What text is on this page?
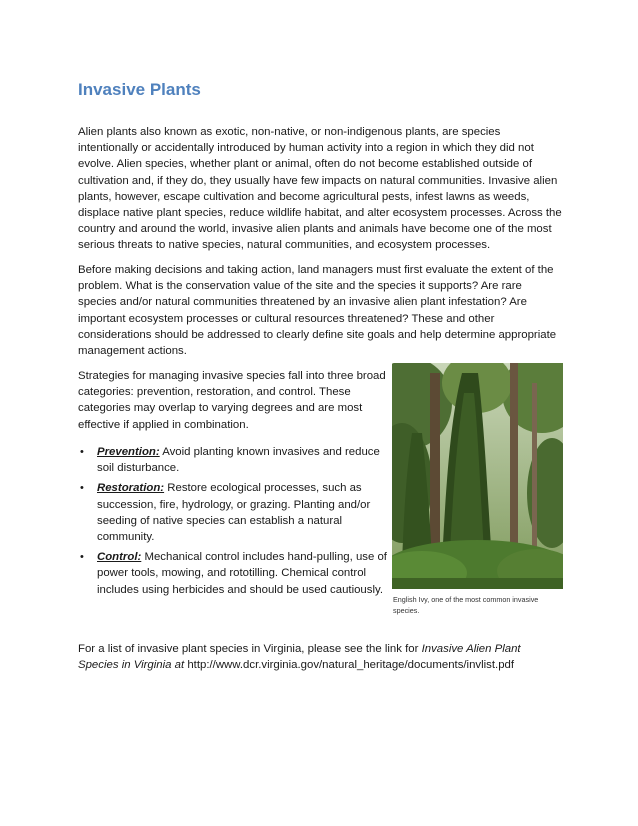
Invasive Plants

Alien plants also known as exotic, non-native, or non-indigenous plants, are species intentionally or accidentally introduced by human activity into a region in which they did not evolve. Alien species, whether plant or animal, often do not become established outside of cultivation and, if they do, they usually have few impacts on natural communities. Invasive alien plants, however, escape cultivation and become agricultural pests, infest lawns as weeds, displace native plant species, reduce wildlife habitat, and alter ecosystem processes. Across the country and around the world, invasive alien plants and animals have become one of the most serious threats to native species, natural communities, and ecosystem processes.

Before making decisions and taking action, land managers must first evaluate the extent of the problem. What is the conservation value of the site and the species it supports? Are rare species and/or natural communities threatened by an invasive alien plant infestation? Are important ecosystem processes or cultural resources threatened? These and other considerations should be addressed to clearly define site goals and help determine appropriate management actions.

Strategies for managing invasive species fall into three broad categories: prevention, restoration, and control. These categories may overlap to varying degrees and are most effective if applied in combination.

• Prevention: Avoid planting known invasives and reduce soil disturbance.
• Restoration: Restore ecological processes, such as succession, fire, hydrology, or grazing. Planting and/or seeding of native species can establish a natural community.
• Control: Mechanical control includes hand-pulling, use of power tools, mowing, and rototilling. Chemical control includes using herbicides and should be used cautiously.
English Ivy, one of the most common invasive species.

For a list of invasive plant species in Virginia, please see the link for Invasive Alien Plant Species in Virginia at http://www.dcr.virginia.gov/natural_heritage/documents/invlist.pdf
